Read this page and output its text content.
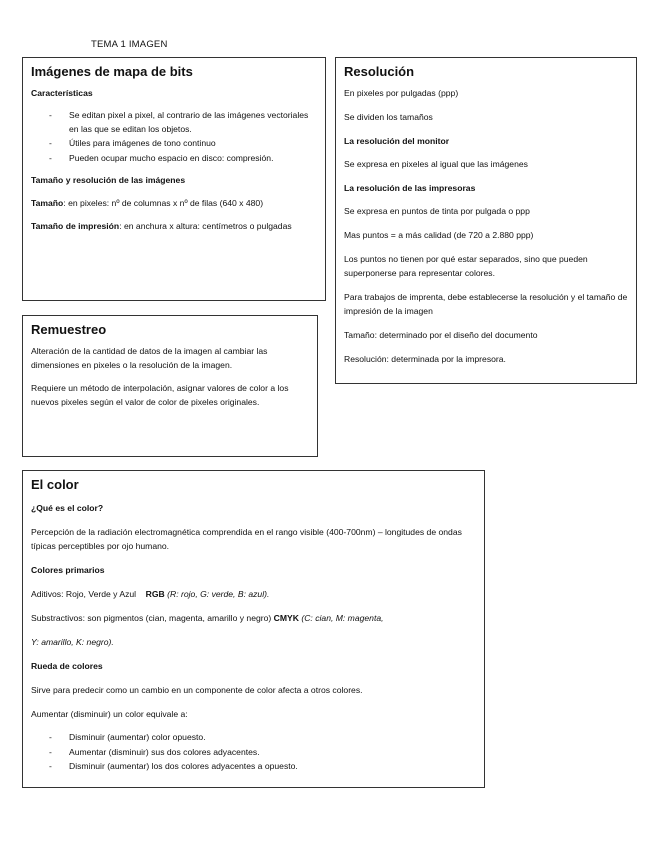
TEMA 1 IMAGEN
Imágenes de mapa de bits
Características
- Se editan pixel a pixel, al contrario de las imágenes vectoriales en las que se editan los objetos.
- Útiles para imágenes de tono continuo
- Pueden ocupar mucho espacio en disco: compresión.
Tamaño y resolución de las imágenes

Tamaño: en pixeles: nº de columnas x nº de filas (640 x 480)

Tamaño de impresión: en anchura x altura: centímetros o pulgadas

Resolución

En pixeles por pulgadas (ppp)

Se dividen los tamaños

La resolución del monitor

Se expresa en pixeles al igual que las imágenes

La resolución de las impresoras

Se expresa en puntos de tinta por pulgada o ppp

Mas puntos = a más calidad (de 720 a 2.880 ppp)

Los puntos no tienen por qué estar separados, sino que pueden superponerse para representar colores.

Para trabajos de imprenta, debe establecerse la resolución y el tamaño de impresión de la imagen

Tamaño: determinado por el diseño del documento

Resolución: determinada por la impresora.

Remuestreo

Alteración de la cantidad de datos de la imagen al cambiar las dimensiones en pixeles o la resolución de la imagen.

Requiere un método de interpolación, asignar valores de color a los nuevos pixeles según el valor de color de pixeles originales.

El color
¿Qué es el color?

Percepción de la radiación electromagnética comprendida en el rango visible (400-700nm) – longitudes de ondas típicas perceptibles por ojo humano.

Colores primarios

Aditivos: Rojo, Verde y Azul RGB (R: rojo, G: verde, B: azul).

Substractivos: son pigmentos (cian, magenta, amarillo y negro) CMYK (C: cian, M: magenta,

Y: amarillo, K: negro).

Rueda de colores

Sirve para predecir como un cambio en un componente de color afecta a otros colores.

Aumentar (disminuir) un color equivale a:

- Disminuir (aumentar) color opuesto.
- Aumentar (disminuir) sus dos colores adyacentes.
- Disminuir (aumentar) los dos colores adyacentes a opuesto.
